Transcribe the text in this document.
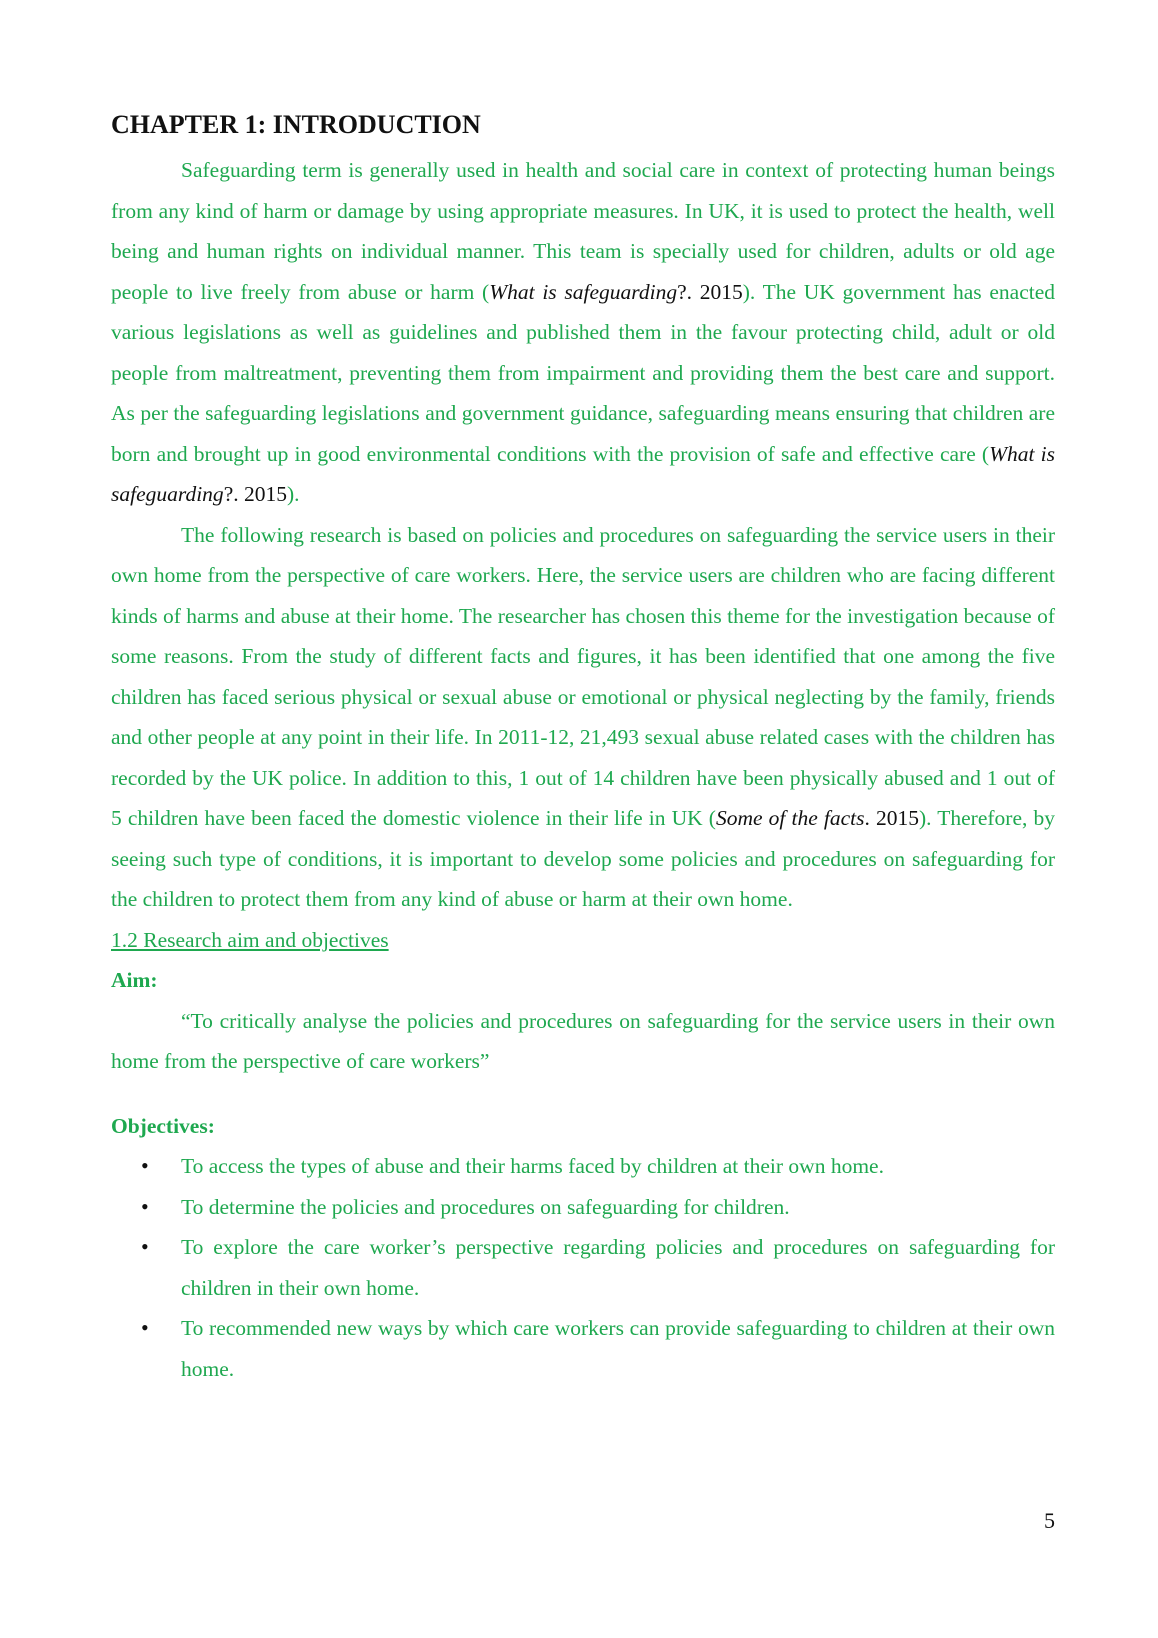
CHAPTER 1: INTRODUCTION

Safeguarding term is generally used in health and social care in context of protecting human beings from any kind of harm or damage by using appropriate measures. In UK, it is used to protect the health, well being and human rights on individual manner. This team is specially used for children, adults or old age people to live freely from abuse or harm (What is safeguarding?. 2015). The UK government has enacted various legislations as well as guidelines and published them in the favour protecting child, adult or old people from maltreatment, preventing them from impairment and providing them the best care and support. As per the safeguarding legislations and government guidance, safeguarding means ensuring that children are born and brought up in good environmental conditions with the provision of safe and effective care (What is safeguarding?. 2015).

The following research is based on policies and procedures on safeguarding the service users in their own home from the perspective of care workers. Here, the service users are children who are facing different kinds of harms and abuse at their home. The researcher has chosen this theme for the investigation because of some reasons. From the study of different facts and figures, it has been identified that one among the five children has faced serious physical or sexual abuse or emotional or physical neglecting by the family, friends and other people at any point in their life. In 2011-12, 21,493 sexual abuse related cases with the children has recorded by the UK police. In addition to this, 1 out of 14 children have been physically abused and 1 out of 5 children have been faced the domestic violence in their life in UK (Some of the facts. 2015). Therefore, by seeing such type of conditions, it is important to develop some policies and procedures on safeguarding for the children to protect them from any kind of abuse or harm at their own home.

1.2 Research aim and objectives
Aim:

“To critically analyse the policies and procedures on safeguarding for the service users in their own home from the perspective of care workers”

Objectives:
• To access the types of abuse and their harms faced by children at their own home.
• To determine the policies and procedures on safeguarding for children.
• To explore the care worker’s perspective regarding policies and procedures on safeguarding for children in their own home.
• To recommended new ways by which care workers can provide safeguarding to children at their own home.
5
